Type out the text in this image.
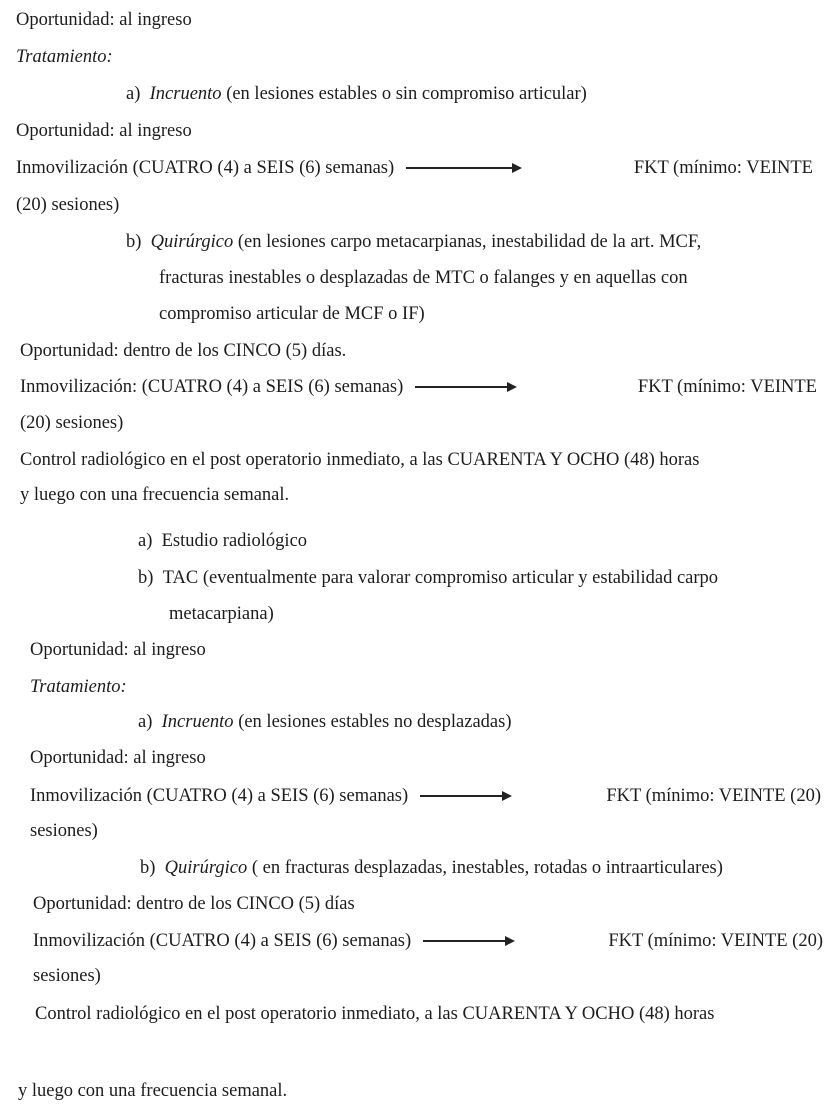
Oportunidad: al ingreso
Tratamiento:
a) Incruento (en lesiones estables o sin compromiso articular)
Oportunidad: al ingreso
Inmovilización (CUATRO (4) a SEIS (6) semanas)	FKT (mínimo: VEINTE
(20) sesiones)
b) Quirúrgico (en lesiones carpo metacarpianas, inestabilidad de la art. MCF,
fracturas inestables o desplazadas de MTC o falanges y en aquellas con
compromiso articular de MCF o IF)
Oportunidad: dentro de los CINCO (5) días.
Inmovilización: (CUATRO (4) a SEIS (6) semanas)	FKT (mínimo: VEINTE
(20) sesiones)
Control radiológico en el post operatorio inmediato, a las CUARENTA Y OCHO (48) horas
y luego con una frecuencia semanal.
a) Estudio radiológico
b) TAC (eventualmente para valorar compromiso articular y estabilidad carpo
metacarpiana)
Oportunidad: al ingreso
Tratamiento:
a) Incruento (en lesiones estables no desplazadas)
Oportunidad: al ingreso
Inmovilización (CUATRO (4) a SEIS (6) semanas)	FKT (mínimo: VEINTE (20)
sesiones)
b) Quirúrgico ( en fracturas desplazadas, inestables, rotadas o intraarticulares)
Oportunidad: dentro de los CINCO (5) días
Inmovilización (CUATRO (4) a SEIS (6) semanas)	FKT (mínimo: VEINTE (20)
sesiones)
Control radiológico en el post operatorio inmediato, a las CUARENTA Y OCHO (48) horas
y luego con una frecuencia semanal.
